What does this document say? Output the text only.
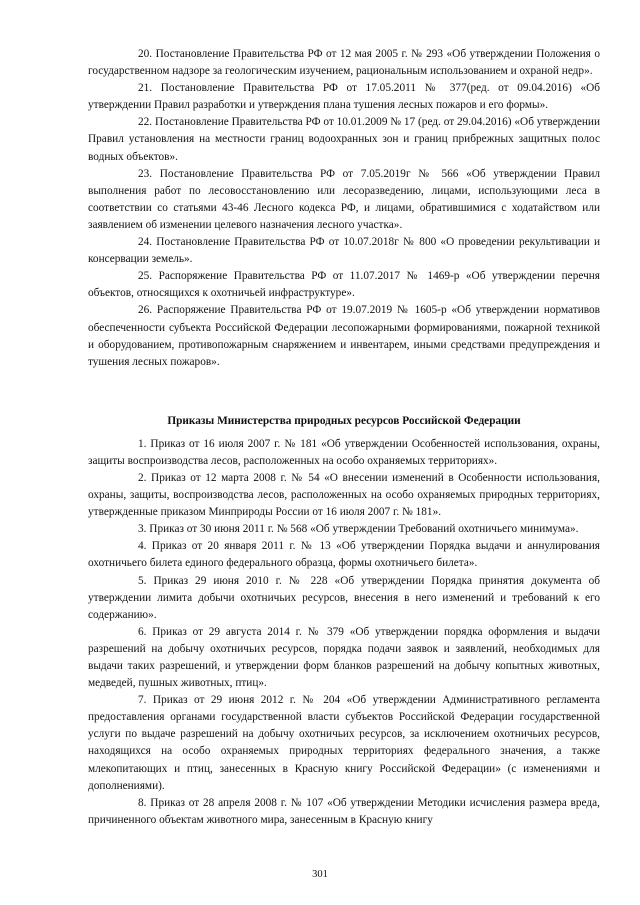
20. Постановление Правительства РФ от 12 мая 2005 г. № 293 «Об утверждении Положения о государственном надзоре за геологическим изучением, рациональным использованием и охраной недр».

21. Постановление Правительства РФ от 17.05.2011 № 377(ред. от 09.04.2016) «Об утверждении Правил разработки и утверждения плана тушения лесных пожаров и его формы».

22. Постановление Правительства РФ от 10.01.2009 № 17 (ред. от 29.04.2016) «Об утверждении Правил установления на местности границ водоохранных зон и границ прибрежных защитных полос водных объектов».

23. Постановление Правительства РФ от 7.05.2019г № 566 «Об утверждении Правил выполнения работ по лесовосстановлению или лесоразведению, лицами, использующими леса в соответствии со статьями 43-46 Лесного кодекса РФ, и лицами, обратившимися с ходатайством или заявлением об изменении целевого назначения лесного участка».

24. Постановление Правительства РФ от 10.07.2018г № 800 «О проведении рекультивации и консервации земель».

25. Распоряжение Правительства РФ от 11.07.2017 № 1469-р «Об утверждении перечня объектов, относящихся к охотничьей инфраструктуре».

26. Распоряжение Правительства РФ от 19.07.2019 № 1605-р «Об утверждении нормативов обеспеченности субъекта Российской Федерации лесопожарными формированиями, пожарной техникой и оборудованием, противопожарным снаряжением и инвентарем, иными средствами предупреждения и тушения лесных пожаров».

Приказы Министерства природных ресурсов Российской Федерации

1. Приказ от 16 июля 2007 г. № 181 «Об утверждении Особенностей использования, охраны, защиты воспроизводства лесов, расположенных на особо охраняемых территориях».

2. Приказ от 12 марта 2008 г. № 54 «О внесении изменений в Особенности использования, охраны, защиты, воспроизводства лесов, расположенных на особо охраняемых природных территориях, утвержденные приказом Минприроды России от 16 июля 2007 г. № 181».

3. Приказ от 30 июня 2011 г. № 568 «Об утверждении Требований охотничьего минимума».

4. Приказ от 20 января 2011 г. № 13 «Об утверждении Порядка выдачи и аннулирования охотничьего билета единого федерального образца, формы охотничьего билета».

5. Приказ 29 июня 2010 г. № 228 «Об утверждении Порядка принятия документа об утверждении лимита добычи охотничьих ресурсов, внесения в него изменений и требований к его содержанию».

6. Приказ от 29 августа 2014 г. № 379 «Об утверждении порядка оформления и выдачи разрешений на добычу охотничьих ресурсов, порядка подачи заявок и заявлений, необходимых для выдачи таких разрешений, и утверждении форм бланков разрешений на добычу копытных животных, медведей, пушных животных, птиц».

7. Приказ от 29 июня 2012 г. № 204 «Об утверждении Административного регламента предоставления органами государственной власти субъектов Российской Федерации государственной услуги по выдаче разрешений на добычу охотничьих ресурсов, за исключением охотничьих ресурсов, находящихся на особо охраняемых природных территориях федерального значения, а также млекопитающих и птиц, занесенных в Красную книгу Российской Федерации» (с изменениями и дополнениями).

8. Приказ от 28 апреля 2008 г. № 107 «Об утверждении Методики исчисления размера вреда, причиненного объектам животного мира, занесенным в Красную книгу

301
